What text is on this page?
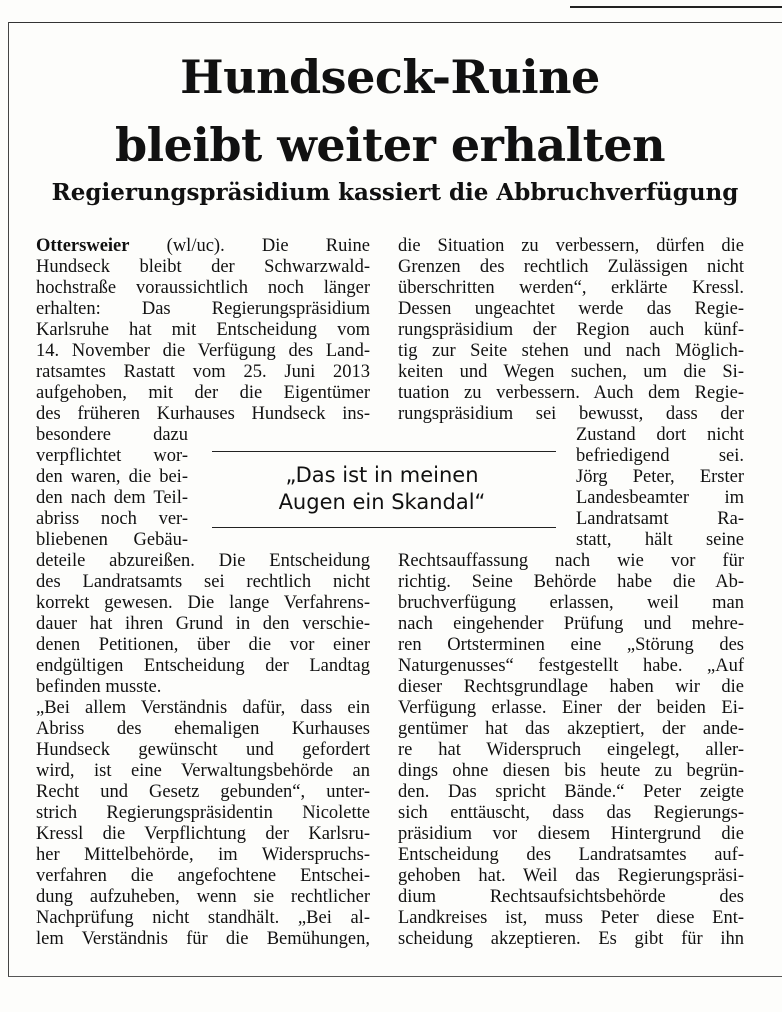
Hundseck-Ruine
bleibt weiter erhalten
Regierungspräsidium kassiert die Abbruchverfügung
Ottersweier (wl/uc). Die Ruine
Hundseck bleibt der Schwarzwald-
hochstraße voraussichtlich noch länger
erhalten: Das Regierungspräsidium
Karlsruhe hat mit Entscheidung vom
14. November die Verfügung des Land-
ratsamtes Rastatt vom 25. Juni 2013
aufgehoben, mit der die Eigentümer
des früheren Kurhauses Hundseck ins-
besondere dazu
verpflichtet wor-
den waren, die bei-
den nach dem Teil-
abriss noch ver-
bliebenen Gebäu-
deteile abzureißen. Die Entscheidung
des Landratsamts sei rechtlich nicht
korrekt gewesen. Die lange Verfahrens-
dauer hat ihren Grund in den verschie-
denen Petitionen, über die vor einer
endgültigen Entscheidung der Landtag
befinden musste.
„Bei allem Verständnis dafür, dass ein
Abriss des ehemaligen Kurhauses
Hundseck gewünscht und gefordert
wird, ist eine Verwaltungsbehörde an
Recht und Gesetz gebunden“, unter-
strich Regierungspräsidentin Nicolette
Kressl die Verpflichtung der Karlsru-
her Mittelbehörde, im Widerspruchs-
verfahren die angefochtene Entschei-
dung aufzuheben, wenn sie rechtlicher
Nachprüfung nicht standhält. „Bei al-
lem Verständnis für die Bemühungen,
die Situation zu verbessern, dürfen die
Grenzen des rechtlich Zulässigen nicht
überschritten werden“, erklärte Kressl.
Dessen ungeachtet werde das Regie-
rungspräsidium der Region auch künf-
tig zur Seite stehen und nach Möglich-
keiten und Wegen suchen, um die Si-
tuation zu verbessern. Auch dem Regie-
rungspräsidium sei bewusst, dass der
Zustand dort nicht
befriedigend sei.
Jörg Peter, Erster
Landesbeamter im
Landratsamt Ra-
statt, hält seine
Rechtsauffassung nach wie vor für
richtig. Seine Behörde habe die Ab-
bruchverfügung erlassen, weil man
nach eingehender Prüfung und mehre-
ren Ortsterminen eine „Störung des
Naturgenusses“ festgestellt habe. „Auf
dieser Rechtsgrundlage haben wir die
Verfügung erlasse. Einer der beiden Ei-
gentümer hat das akzeptiert, der ande-
re hat Widerspruch eingelegt, aller-
dings ohne diesen bis heute zu begrün-
den. Das spricht Bände.“ Peter zeigte
sich enttäuscht, dass das Regierungs-
präsidium vor diesem Hintergrund die
Entscheidung des Landratsamtes auf-
gehoben hat. Weil das Regierungspräsi-
dium Rechtsaufsichtsbehörde des
Landkreises ist, muss Peter diese Ent-
scheidung akzeptieren. Es gibt für ihn
„Das ist in meinen
Augen ein Skandal“
